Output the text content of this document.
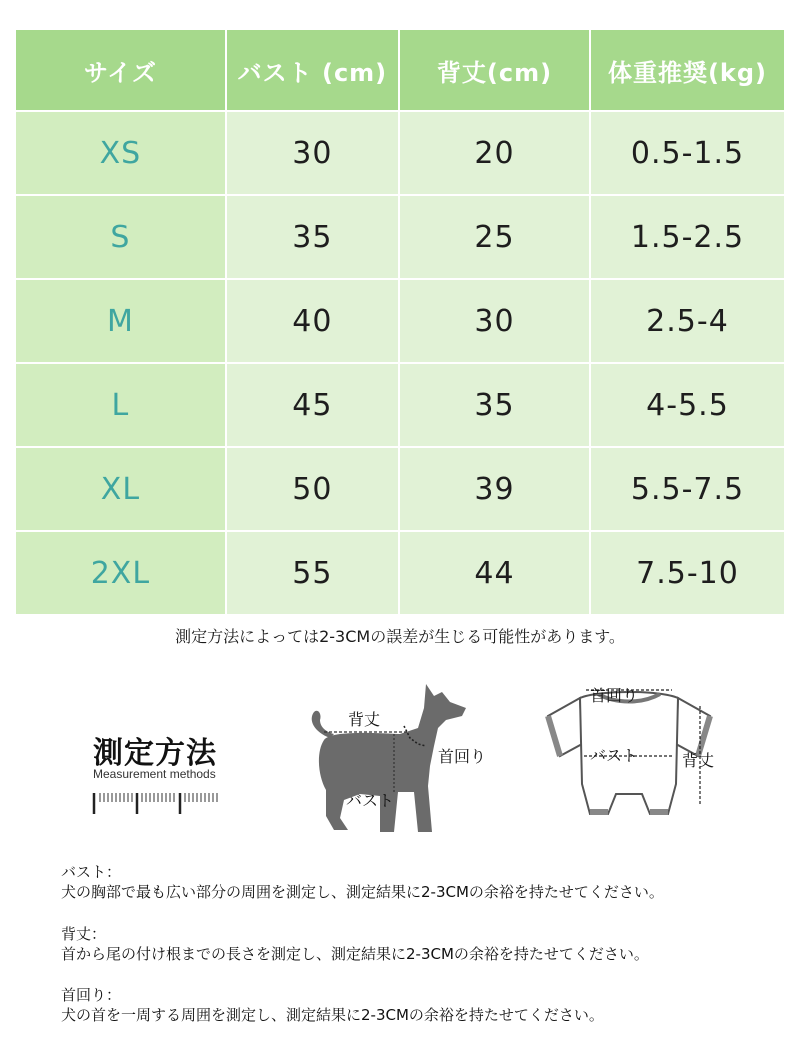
サイズ	バスト (cm)	背丈(cm)	体重推奨(kg)
XS	30	20	0.5-1.5
S	35	25	1.5-2.5
M	40	30	2.5-4
L	45	35	4-5.5
XL	50	39	5.5-7.5
2XL	55	44	7.5-10
測定方法によっては2-3CMの誤差が生じる可能性があります。
測定方法
Measurement methods
背丈
首回り
バスト
首回り
バスト	背丈
バスト：
犬の胸部で最も広い部分の周囲を測定し、測定結果に2-3CMの余裕を持たせてください。
背丈：
首から尾の付け根までの長さを測定し、測定結果に2-3CMの余裕を持たせてください。
首回り：
犬の首を一周する周囲を測定し、測定結果に2-3CMの余裕を持たせてください。
